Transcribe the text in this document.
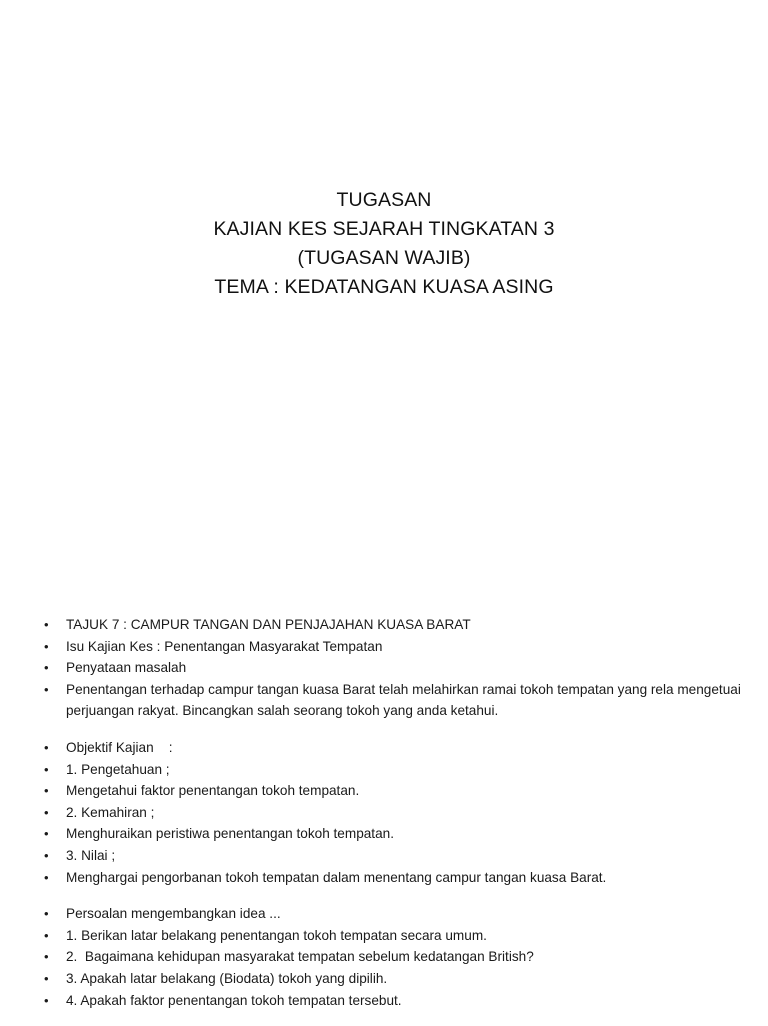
TUGASAN
KAJIAN KES SEJARAH TINGKATAN 3
(TUGASAN WAJIB)
TEMA : KEDATANGAN KUASA ASING
•	TAJUK 7 : CAMPUR TANGAN DAN PENJAJAHAN KUASA BARAT
•	Isu Kajian Kes : Penentangan Masyarakat Tempatan
•	Penyataan masalah
•	Penentangan terhadap campur tangan kuasa Barat telah melahirkan ramai tokoh tempatan yang rela mengetuai perjuangan rakyat. Bincangkan salah seorang tokoh yang anda ketahui.
•	Objektif Kajian    :
•	1. Pengetahuan ;
•	Mengetahui faktor penentangan tokoh tempatan.
•	2. Kemahiran ;
•	Menghuraikan peristiwa penentangan tokoh tempatan.
•	3. Nilai ;
•	Menghargai pengorbanan tokoh tempatan dalam menentang campur tangan kuasa Barat.
•	Persoalan mengembangkan idea ...
•	1. Berikan latar belakang penentangan tokoh tempatan secara umum.
•	2.  Bagaimana kehidupan masyarakat tempatan sebelum kedatangan British?
•	3. Apakah latar belakang (Biodata) tokoh yang dipilih.
•	4. Apakah faktor penentangan tokoh tempatan tersebut.
